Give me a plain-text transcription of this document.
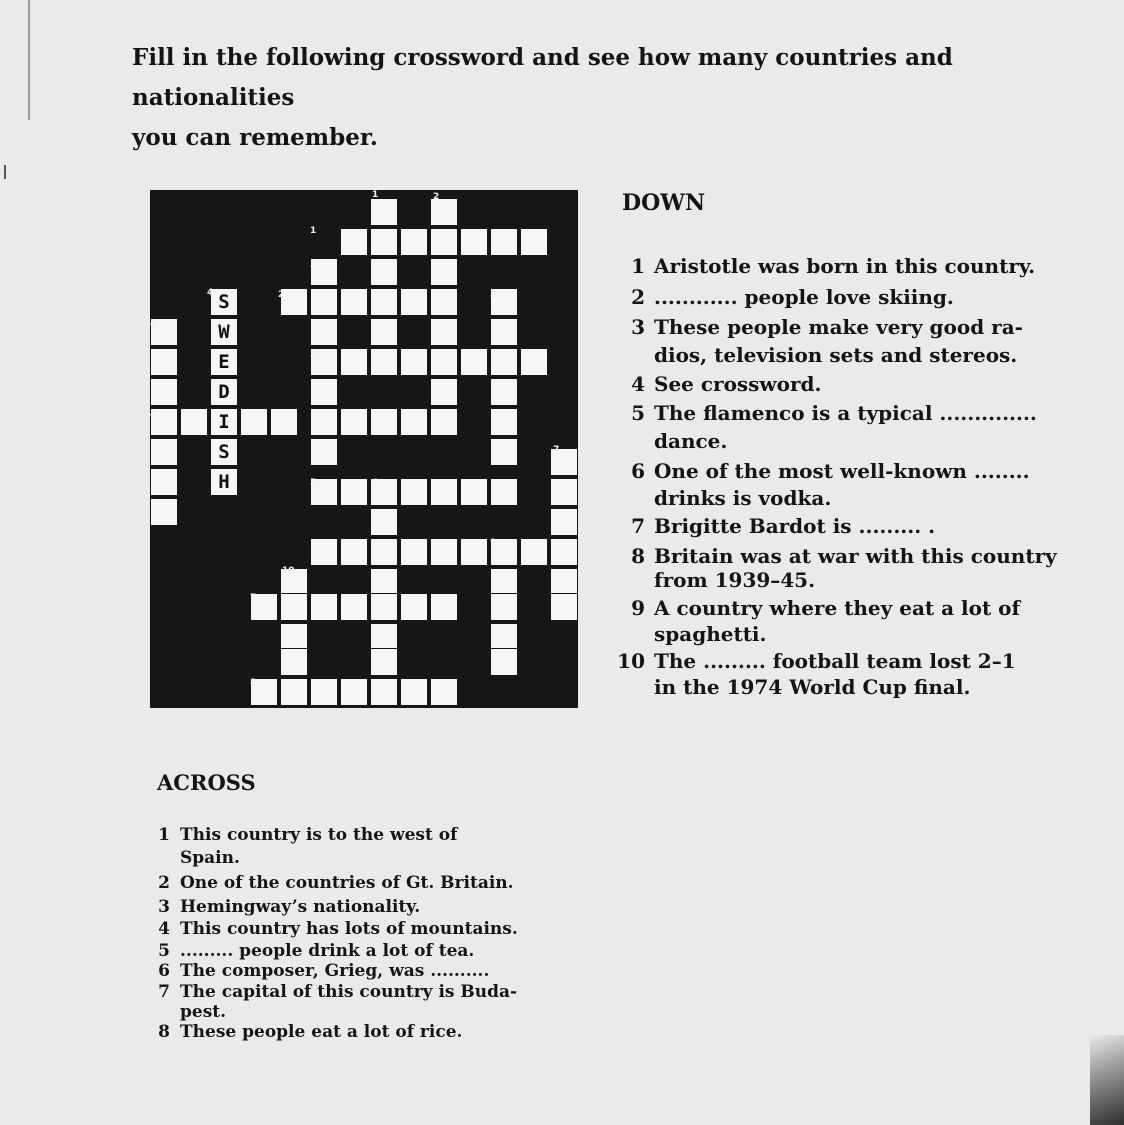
Fill in the following crossword and see how many countries and nationalities
you can remember.
S
W
E
D
I
S
H
1	2
1
3
4	2	5
6
3
4
7
5	6
9
10
7
8
DOWN
1 Aristotle was born in this country.
2 ............ people love skiing.
3 These people make very good ra-
dios, television sets and stereos.
4 See crossword.
5 The flamenco is a typical ..............
dance.
6 One of the most well-known ........
drinks is vodka.
7 Brigitte Bardot is ......... .
8 Britain was at war with this country
from 1939–45.
9 A country where they eat a lot of
spaghetti.
10 The ......... football team lost 2–1
in the 1974 World Cup final.
ACROSS
1 This country is to the west of
Spain.
2 One of the countries of Gt. Britain.
3 Hemingway’s nationality.
4 This country has lots of mountains.
5 ......... people drink a lot of tea.
6 The composer, Grieg, was ..........
7 The capital of this country is Buda-
pest.
8 These people eat a lot of rice.
